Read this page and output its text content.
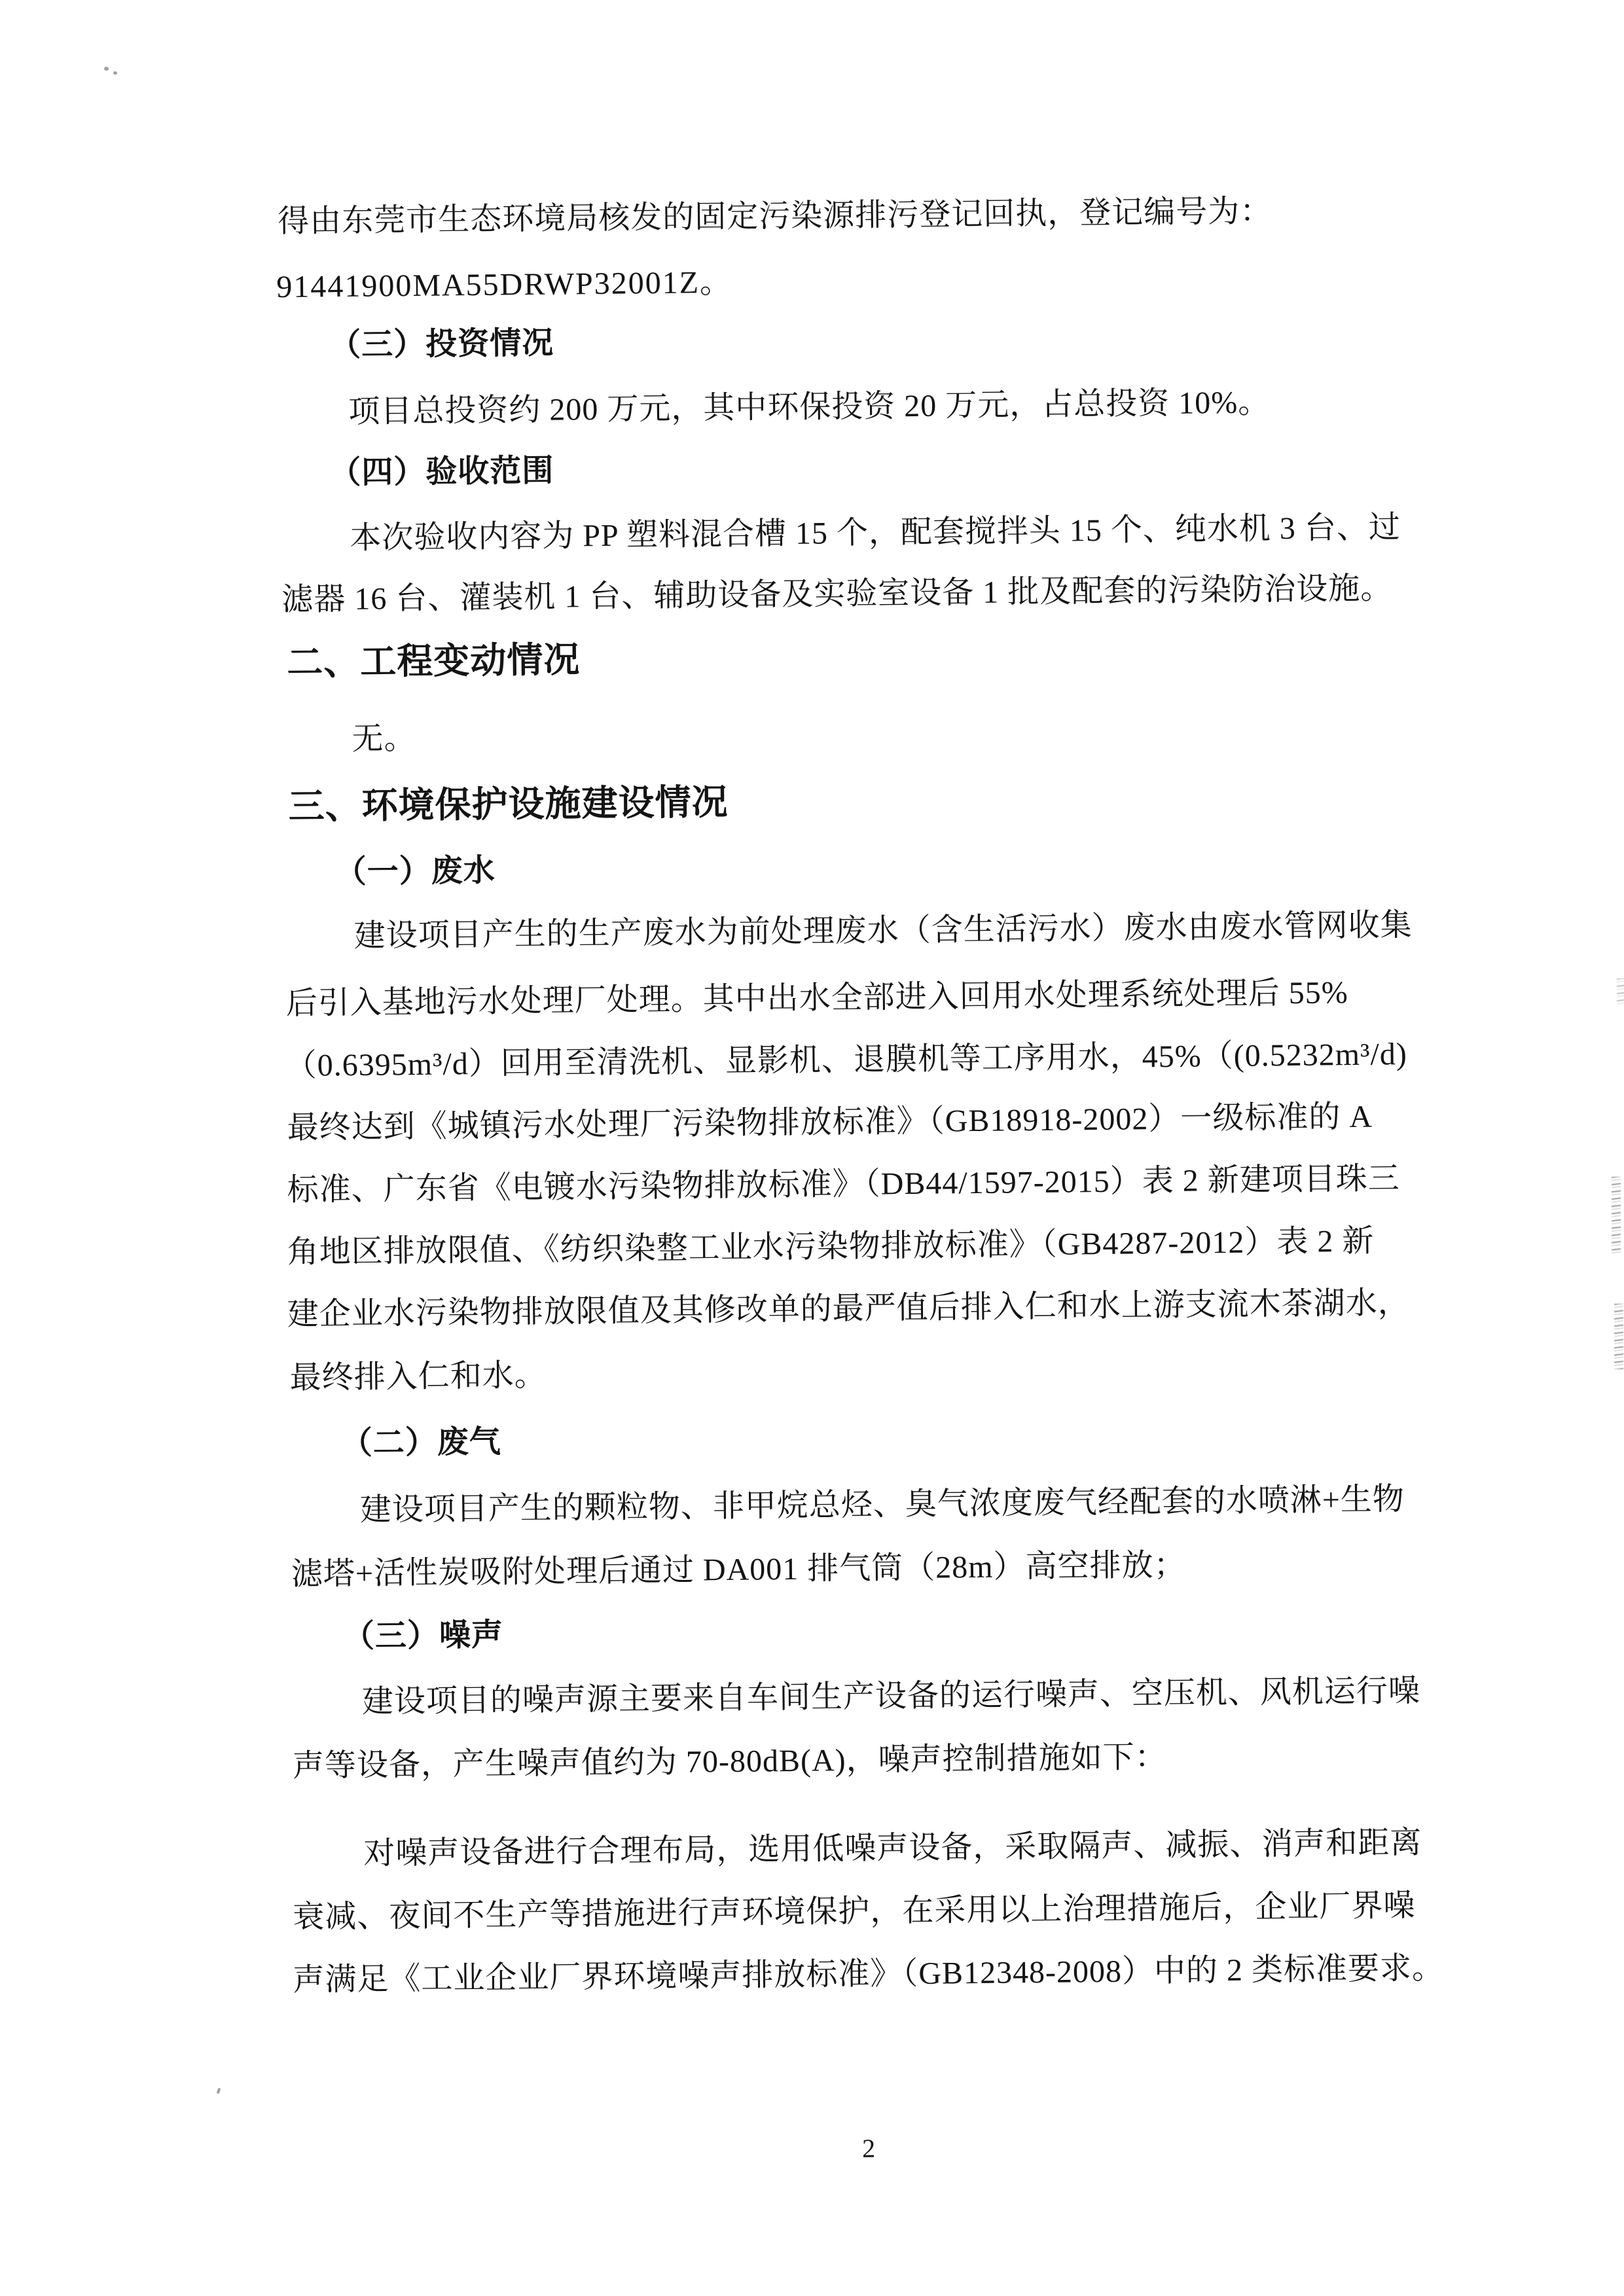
得由东莞市生态环境局核发的固定污染源排污登记回执，登记编号为：
91441900MA55DRWP32001Z。
（三）投资情况
项目总投资约 200 万元，其中环保投资 20 万元，占总投资 10%。
（四）验收范围
本次验收内容为 PP 塑料混合槽 15 个，配套搅拌头 15 个、纯水机 3 台、过
滤器 16 台、灌装机 1 台、辅助设备及实验室设备 1 批及配套的污染防治设施。
二、工程变动情况
无。
三、环境保护设施建设情况
（一）废水
建设项目产生的生产废水为前处理废水（含生活污水）废水由废水管网收集
后引入基地污水处理厂处理。其中出水全部进入回用水处理系统处理后 55%
（0.6395m³/d）回用至清洗机、显影机、退膜机等工序用水，45%（(0.5232m³/d)
最终达到《城镇污水处理厂污染物排放标准》（GB18918-2002）一级标准的 A
标准、广东省《电镀水污染物排放标准》（DB44/1597-2015）表 2 新建项目珠三
角地区排放限值、《纺织染整工业水污染物排放标准》（GB4287-2012）表 2 新
建企业水污染物排放限值及其修改单的最严值后排入仁和水上游支流木茶湖水，
最终排入仁和水。
（二）废气
建设项目产生的颗粒物、非甲烷总烃、臭气浓度废气经配套的水喷淋+生物
滤塔+活性炭吸附处理后通过 DA001 排气筒（28m）高空排放；
（三）噪声
建设项目的噪声源主要来自车间生产设备的运行噪声、空压机、风机运行噪
声等设备，产生噪声值约为 70-80dB(A)，噪声控制措施如下：
对噪声设备进行合理布局，选用低噪声设备，采取隔声、减振、消声和距离
衰减、夜间不生产等措施进行声环境保护，在采用以上治理措施后，企业厂界噪
声满足《工业企业厂界环境噪声排放标准》（GB12348-2008）中的 2 类标准要求。
2
